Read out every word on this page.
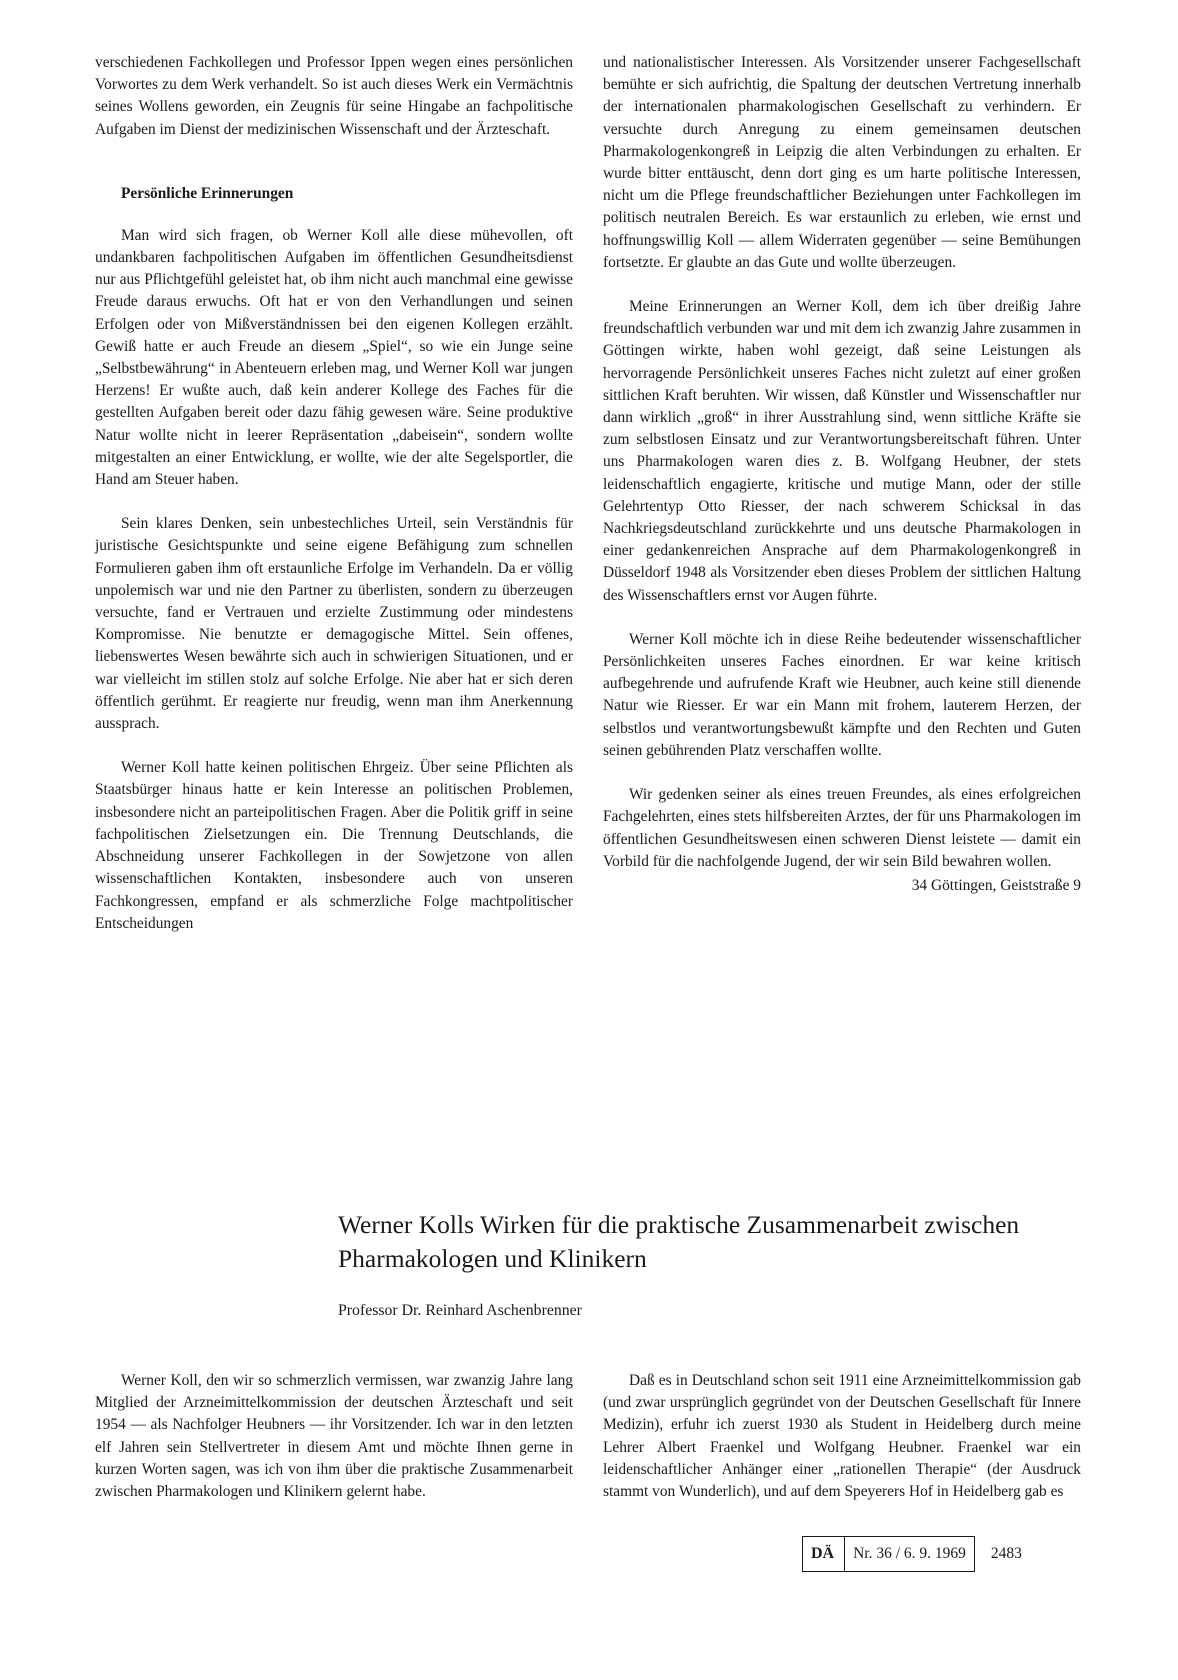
verschiedenen Fachkollegen und Professor Ippen wegen eines persönlichen Vorwortes zu dem Werk verhandelt. So ist auch dieses Werk ein Vermächtnis seines Wollens geworden, ein Zeugnis für seine Hingabe an fachpolitische Aufgaben im Dienst der medizinischen Wissenschaft und der Ärzteschaft.

Persönliche Erinnerungen

Man wird sich fragen, ob Werner Koll alle diese mühevollen, oft undankbaren fachpolitischen Aufgaben im öffentlichen Gesundheitsdienst nur aus Pflichtgefühl geleistet hat, ob ihm nicht auch manchmal eine gewisse Freude daraus erwuchs. Oft hat er von den Verhandlungen und seinen Erfolgen oder von Mißverständnissen bei den eigenen Kollegen erzählt. Gewiß hatte er auch Freude an diesem „Spiel“, so wie ein Junge seine „Selbstbewährung“ in Abenteuern erleben mag, und Werner Koll war jungen Herzens! Er wußte auch, daß kein anderer Kollege des Faches für die gestellten Aufgaben bereit oder dazu fähig gewesen wäre. Seine produktive Natur wollte nicht in leerer Repräsentation „dabeisein“, sondern wollte mitgestalten an einer Entwicklung, er wollte, wie der alte Segelsportler, die Hand am Steuer haben.

Sein klares Denken, sein unbestechliches Urteil, sein Verständnis für juristische Gesichtspunkte und seine eigene Befähigung zum schnellen Formulieren gaben ihm oft erstaunliche Erfolge im Verhandeln. Da er völlig unpolemisch war und nie den Partner zu überlisten, sondern zu überzeugen versuchte, fand er Vertrauen und erzielte Zustimmung oder mindestens Kompromisse. Nie benutzte er demagogische Mittel. Sein offenes, liebenswertes Wesen bewährte sich auch in schwierigen Situationen, und er war vielleicht im stillen stolz auf solche Erfolge. Nie aber hat er sich deren öffentlich gerühmt. Er reagierte nur freudig, wenn man ihm Anerkennung aussprach.

Werner Koll hatte keinen politischen Ehrgeiz. Über seine Pflichten als Staatsbürger hinaus hatte er kein Interesse an politischen Problemen, insbesondere nicht an parteipolitischen Fragen. Aber die Politik griff in seine fachpolitischen Zielsetzungen ein. Die Trennung Deutschlands, die Abschneidung unserer Fachkollegen in der Sowjetzone von allen wissenschaftlichen Kontakten, insbesondere auch von unseren Fachkongressen, empfand er als schmerzliche Folge machtpolitischer Entscheidungen

und nationalistischer Interessen. Als Vorsitzender unserer Fachgesellschaft bemühte er sich aufrichtig, die Spaltung der deutschen Vertretung innerhalb der internationalen pharmakologischen Gesellschaft zu verhindern. Er versuchte durch Anregung zu einem gemeinsamen deutschen Pharmakologenkongreß in Leipzig die alten Verbindungen zu erhalten. Er wurde bitter enttäuscht, denn dort ging es um harte politische Interessen, nicht um die Pflege freundschaftlicher Beziehungen unter Fachkollegen im politisch neutralen Bereich. Es war erstaunlich zu erleben, wie ernst und hoffnungswillig Koll — allem Widerraten gegenüber — seine Bemühungen fortsetzte. Er glaubte an das Gute und wollte überzeugen.

Meine Erinnerungen an Werner Koll, dem ich über dreißig Jahre freundschaftlich verbunden war und mit dem ich zwanzig Jahre zusammen in Göttingen wirkte, haben wohl gezeigt, daß seine Leistungen als hervorragende Persönlichkeit unseres Faches nicht zuletzt auf einer großen sittlichen Kraft beruhten. Wir wissen, daß Künstler und Wissenschaftler nur dann wirklich „groß“ in ihrer Ausstrahlung sind, wenn sittliche Kräfte sie zum selbstlosen Einsatz und zur Verantwortungsbereitschaft führen. Unter uns Pharmakologen waren dies z. B. Wolfgang Heubner, der stets leidenschaftlich engagierte, kritische und mutige Mann, oder der stille Gelehrtentyp Otto Riesser, der nach schwerem Schicksal in das Nachkriegsdeutschland zurückkehrte und uns deutsche Pharmakologen in einer gedankenreichen Ansprache auf dem Pharmakologenkongreß in Düsseldorf 1948 als Vorsitzender eben dieses Problem der sittlichen Haltung des Wissenschaftlers ernst vor Augen führte.

Werner Koll möchte ich in diese Reihe bedeutender wissenschaftlicher Persönlichkeiten unseres Faches einordnen. Er war keine kritisch aufbegehrende und aufrufende Kraft wie Heubner, auch keine still dienende Natur wie Riesser. Er war ein Mann mit frohem, lauterem Herzen, der selbstlos und verantwortungsbewußt kämpfte und den Rechten und Guten seinen gebührenden Platz verschaffen wollte.

Wir gedenken seiner als eines treuen Freundes, als eines erfolgreichen Fachgelehrten, eines stets hilfsbereiten Arztes, der für uns Pharmakologen im öffentlichen Gesundheitswesen einen schweren Dienst leistete — damit ein Vorbild für die nachfolgende Jugend, der wir sein Bild bewahren wollen.

34 Göttingen, Geiststraße 9

Werner Kolls Wirken für die praktische Zusammenarbeit zwischen Pharmakologen und Klinikern

Professor Dr. Reinhard Aschenbrenner

Werner Koll, den wir so schmerzlich vermissen, war zwanzig Jahre lang Mitglied der Arzneimittelkommission der deutschen Ärzteschaft und seit 1954 — als Nachfolger Heubners — ihr Vorsitzender. Ich war in den letzten elf Jahren sein Stellvertreter in diesem Amt und möchte Ihnen gerne in kurzen Worten sagen, was ich von ihm über die praktische Zusammenarbeit zwischen Pharmakologen und Klinikern gelernt habe.

Daß es in Deutschland schon seit 1911 eine Arzneimittelkommission gab (und zwar ursprünglich gegründet von der Deutschen Gesellschaft für Innere Medizin), erfuhr ich zuerst 1930 als Student in Heidelberg durch meine Lehrer Albert Fraenkel und Wolfgang Heubner. Fraenkel war ein leidenschaftlicher Anhänger einer „rationellen Therapie“ (der Ausdruck stammt von Wunderlich), und auf dem Speyerers Hof in Heidelberg gab es

DÄ	Nr. 36 / 6. 9. 1969	2483
